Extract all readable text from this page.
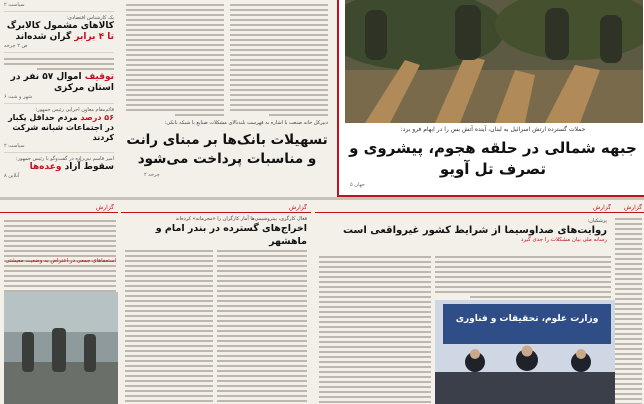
سیاست ۲
یک کارشناس اقتصادی:
کالاهای مشمول کالابرگ تا ۴ برابر گران شده‌اند
ص ۲ چرخه
توقیف اموال ۵۷ نفر در استان مرکزی
۶ شهر و شت
قائم‌مقام معاون اجرایی رئیس جمهور:
۵۶ درصد مردم حداقل یکبار در اجتماعات شبانه شرکت کردند
۲ سیاست
امیر قاسم نبی‌زاده در گفت‌وگو با رئیس جمهور:
سقوط آزاد وعده‌ها
۸ آنلاین
دبیرکل خانه صنعت با اشاره به فهرست بلندبالای مشکلات صنایع با شبکه بانکی:
تسهیلات بانک‌ها بر مبنای رانت و مناسبات پرداخت می‌شود
۲ چرخه
حملات گسترده ارتش اسرائیل به لبنان، آینده آتش بس را در ابهام فرو برد:
جبهه شمالی در حلقه هجوم، پیشروی و تصرف تل آویو
۵ جهان
گزارش
گزارش
پزشکیان:
روایت‌های صداوسیما از شرایط کشور غیرواقعی است
رسانه ملی بیان مشکلات را جدی گیرد
وزارت علوم، تحقیقات و فناوری
گزارش
فعال کارگری، بیتروشیمی‌ها آمار کارگران را «محرمانه» کرده‌اند
اخراج‌های گسترده در بندر امام و ماهشهر
گزارش
استعفاهای جمعی در اعتراض به وضعیت معیشتی
